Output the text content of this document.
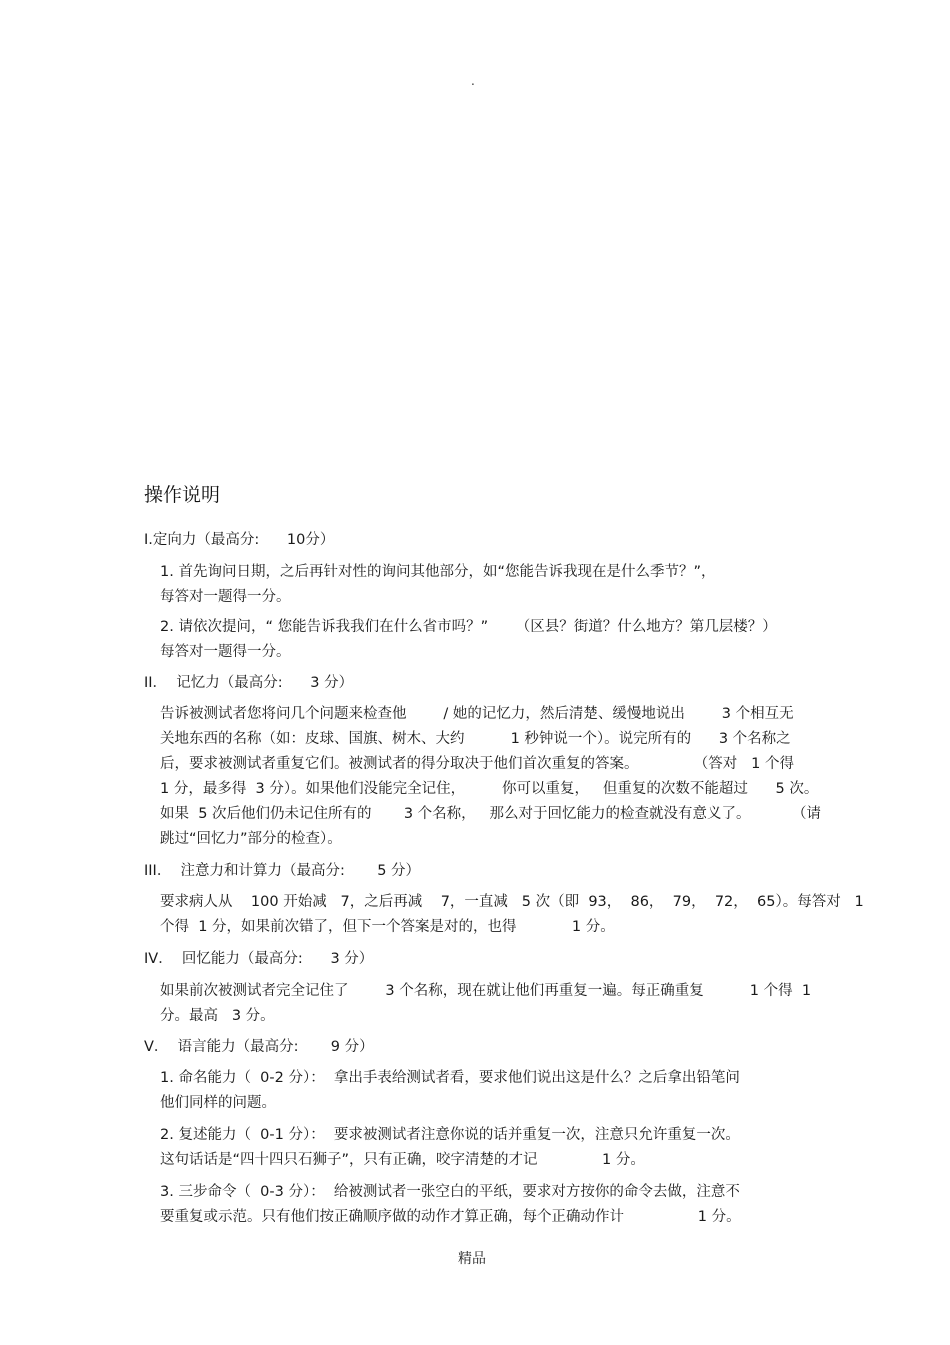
.
操作说明
I.定向力（最高分:      10分）
1. 首先询问日期，之后再针对性的询问其他部分，如“您能告诉我现在是什么季节？”，
每答对一题得一分。
2. 请依次提问，“ 您能告诉我我们在什么省市吗？”      （区县？街道？什么地方？第几层楼？）
每答对一题得一分。
II．  记忆力（最高分:      3 分）
告诉被测试者您将问几个问题来检查他        / 她的记忆力，然后清楚、缓慢地说出        3 个相互无
关地东西的名称（如：皮球、国旗、树木、大约          1 秒钟说一个）。说完所有的      3 个名称之
后，要求被测试者重复它们。被测试者的得分取决于他们首次重复的答案。            （答对   1 个得
1 分，最多得  3 分）。如果他们没能完全记住，        你可以重复，   但重复的次数不能超过      5 次。
如果  5 次后他们仍未记住所有的       3 个名称，   那么对于回忆能力的检查就没有意义了。         （请
跳过“回忆力”部分的检查）。
III．  注意力和计算力（最高分:       5 分）
要求病人从    100 开始减   7，之后再减    7，一直减   5 次（即  93，  86，  79，  72，  65）。每答对   1
个得  1 分，如果前次错了，但下一个答案是对的，也得            1 分。
IV．  回忆能力（最高分:      3 分）
如果前次被测试者完全记住了        3 个名称，现在就让他们再重复一遍。每正确重复          1 个得  1
分。最高   3 分。
V．  语言能力（最高分:       9 分）
1. 命名能力（  0-2 分）：  拿出手表给测试者看，要求他们说出这是什么？之后拿出铅笔问
他们同样的问题。
2. 复述能力（  0-1 分）：  要求被测试者注意你说的话并重复一次，注意只允许重复一次。
这句话话是“四十四只石狮子”，只有正确，咬字清楚的才记              1 分。
3. 三步命令（  0-3 分）：  给被测试者一张空白的平纸，要求对方按你的命令去做，注意不
要重复或示范。只有他们按正确顺序做的动作才算正确，每个正确动作计                1 分。
精品
